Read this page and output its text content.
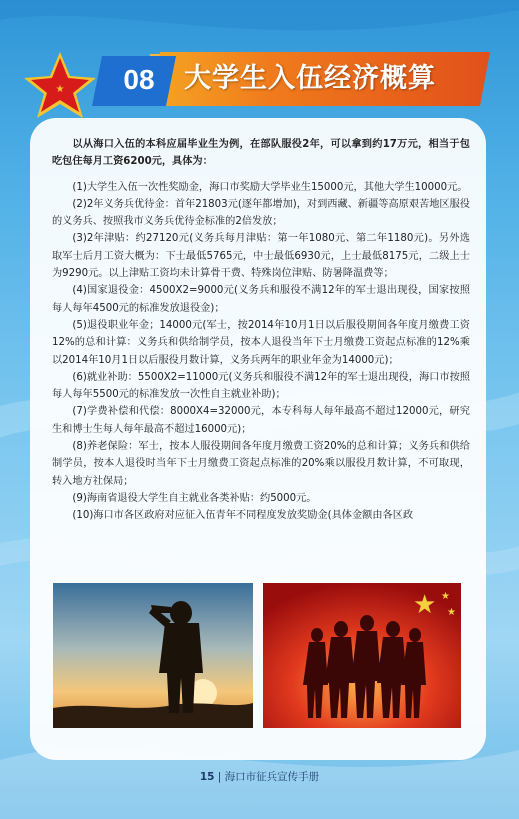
★	08	大学生入伍经济概算

以从海口入伍的本科应届毕业生为例，在部队服役2年，可以拿到约17万元，相当于包吃包住每月工资6200元，具体为：

(1)大学生入伍一次性奖励金，海口市奖励大学毕业生15000元，其他大学生10000元。

(2)2年义务兵优待金：首年21803元(逐年都增加)，对到西藏、新疆等高原艰苦地区服役的义务兵、按照我市义务兵优待金标准的2倍发放；

(3)2年津贴：约27120元(义务兵每月津贴：第一年1080元、第二年1180元)。另外选取军士后月工资大概为：下士最低5765元，中士最低6930元，上士最低8175元，二级上士为9290元。以上津贴工资均未计算骨干费、特殊岗位津贴、防暑降温费等；

(4)国家退役金：4500X2=9000元(义务兵和服役不满12年的军士退出现役，国家按照每人每年4500元的标准发放退役金)；

(5)退役职业年金；14000元(军士，按2014年10月1日以后服役期间各年度月缴费工资12%的总和计算：义务兵和供给制学员，按本人退役当年下士月缴费工资起点标准的12%乘以2014年10月1日以后服役月数计算，义务兵两年的职业年金为14000元)；

(6)就业补助：5500X2=11000元(义务兵和服役不满12年的军士退出现役，海口市按照每人每年5500元的标准发放一次性自主就业补助)；

(7)学费补偿和代偿：8000X4=32000元，本专科每人每年最高不超过12000元，研究生和博士生每人每年最高不超过16000元)；

(8)养老保险：军士，按本人服役期间各年度月缴费工资20%的总和计算；义务兵和供给制学员，按本人退役时当年下士月缴费工资起点标准的20%乘以服役月数计算，不可取现，转入地方社保局；

(9)海南省退役大学生自主就业各类补贴：约5000元。

(10)海口市各区政府对应征入伍青年不同程度发放奖励金(具体金额由各区政

★ ★
★
15 | 海口市征兵宣传手册
